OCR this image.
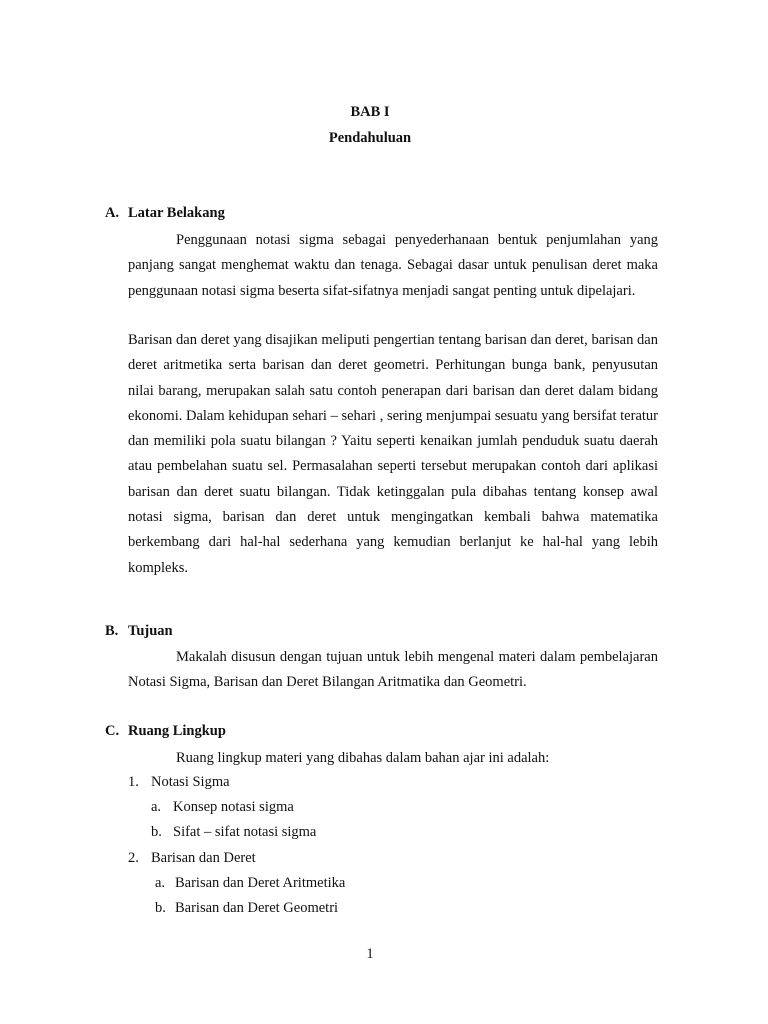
BAB I
Pendahuluan
A. Latar Belakang
Penggunaan notasi sigma sebagai penyederhanaan bentuk penjumlahan yang panjang sangat menghemat waktu dan tenaga. Sebagai dasar untuk penulisan deret maka penggunaan notasi sigma beserta sifat-sifatnya menjadi sangat penting untuk dipelajari.
Barisan dan deret yang disajikan meliputi pengertian tentang barisan dan deret, barisan dan deret aritmetika serta barisan dan deret geometri. Perhitungan bunga bank, penyusutan nilai barang, merupakan salah satu contoh penerapan dari barisan dan deret dalam bidang ekonomi. Dalam kehidupan sehari – sehari , sering menjumpai sesuatu yang bersifat teratur dan memiliki pola suatu bilangan ? Yaitu seperti kenaikan jumlah penduduk suatu daerah atau pembelahan suatu sel. Permasalahan seperti tersebut merupakan contoh dari aplikasi barisan dan deret suatu bilangan. Tidak ketinggalan pula dibahas tentang konsep awal notasi sigma, barisan dan deret untuk mengingatkan kembali bahwa matematika berkembang dari hal-hal sederhana yang kemudian berlanjut ke hal-hal yang lebih kompleks.
B. Tujuan
Makalah disusun dengan tujuan untuk lebih mengenal materi dalam pembelajaran Notasi Sigma, Barisan dan Deret Bilangan Aritmatika dan Geometri.
C. Ruang Lingkup
Ruang lingkup materi yang dibahas dalam bahan ajar ini adalah:
1. Notasi Sigma
a. Konsep notasi sigma
b. Sifat – sifat notasi sigma
2. Barisan dan Deret
a. Barisan dan Deret Aritmetika
b. Barisan dan Deret Geometri
1
